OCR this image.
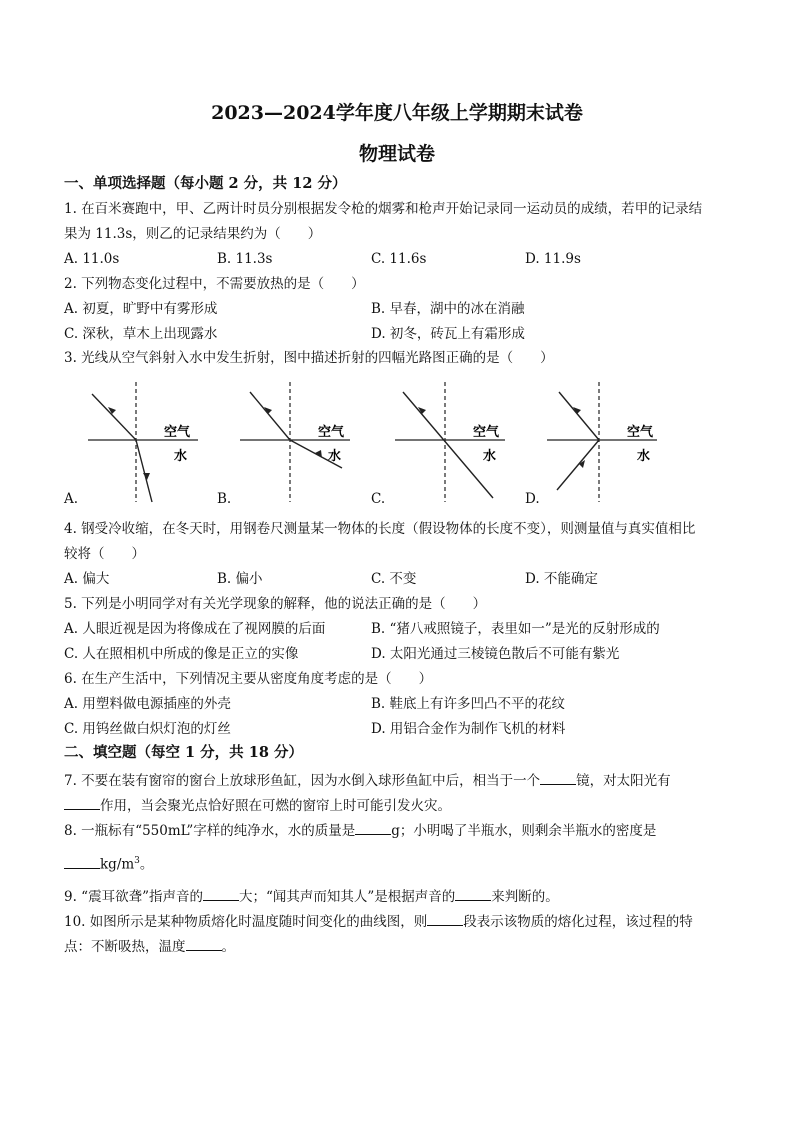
2023—2024学年度八年级上学期期末试卷
物理试卷
一、单项选择题（每小题 2 分，共 12 分）
1. 在百米赛跑中，甲、乙两计时员分别根据发令枪的烟雾和枪声开始记录同一运动员的成绩，若甲的记录结
果为 11.3s，则乙的记录结果约为（　　）
A. 11.0s	B. 11.3s	C. 11.6s	D. 11.9s
2. 下列物态变化过程中，不需要放热的是（　　）
A. 初夏，旷野中有雾形成	B. 早春，湖中的冰在消融
C. 深秋，草木上出现露水	D. 初冬，砖瓦上有霜形成
3. 光线从空气斜射入水中发生折射，图中描述折射的四幅光路图正确的是（　　）
空气
水
空气
水
空气
水
空气
水
A.	B.	C.	D.
4. 钢受冷收缩，在冬天时，用钢卷尺测量某一物体的长度（假设物体的长度不变），则测量值与真实值相比
较将（　　）
A. 偏大	B. 偏小	C. 不变	D. 不能确定
5. 下列是小明同学对有关光学现象的解释，他的说法正确的是（　　）
A. 人眼近视是因为将像成在了视网膜的后面	B. “猪八戒照镜子，表里如一”是光的反射形成的
C. 人在照相机中所成的像是正立的实像	D. 太阳光通过三棱镜色散后不可能有紫光
6. 在生产生活中，下列情况主要从密度角度考虑的是（　　）
A. 用塑料做电源插座的外壳	B. 鞋底上有许多凹凸不平的花纹
C. 用钨丝做白炽灯泡的灯丝	D. 用铝合金作为制作飞机的材料
二、填空题（每空 1 分，共 18 分）
7. 不要在装有窗帘的窗台上放球形鱼缸，因为水倒入球形鱼缸中后，相当于一个	镜，对太阳光有
作用，当会聚光点恰好照在可燃的窗帘上时可能引发火灾。
8. 一瓶标有“550mL”字样的纯净水，水的质量是	g；小明喝了半瓶水，则剩余半瓶水的密度是
$kg/m^3$。
9. “震耳欲聋”指声音的	大；“闻其声而知其人”是根据声音的	来判断的。
10. 如图所示是某种物质熔化时温度随时间变化的曲线图，则	段表示该物质的熔化过程，该过程的特
点：不断吸热，温度	。
